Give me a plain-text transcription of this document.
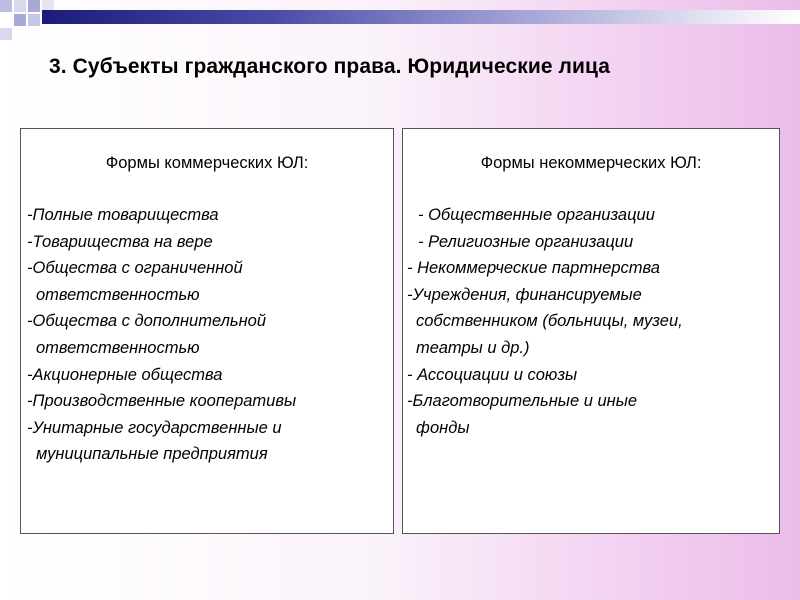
3. Субъекты гражданского права. Юридические лица
Формы коммерческих ЮЛ:
-Полные товарищества
-Товарищества на вере
-Общества с ограниченной
ответственностью
-Общества с дополнительной
ответственностью
-Акционерные общества
-Производственные кооперативы
-Унитарные государственные и
муниципальные предприятия
Формы некоммерческих ЮЛ:
- Общественные организации
- Религиозные организации
- Некоммерческие партнерства
-Учреждения, финансируемые
собственником (больницы, музеи,
театры и др.)
- Ассоциации и союзы
-Благотворительные и иные
фонды
